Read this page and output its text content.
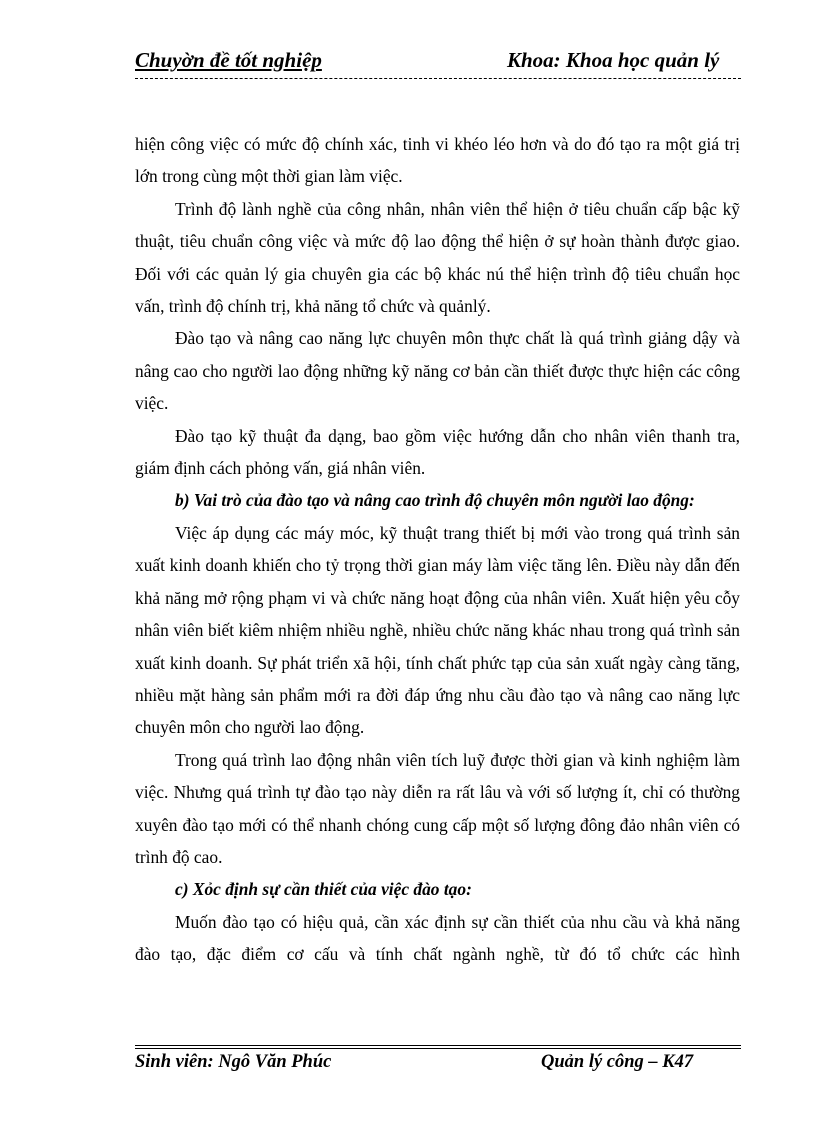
Chuyờn đề tốt nghiệp	Khoa: Khoa học quản lý

hiện công việc có mức độ chính xác, tinh vi khéo léo hơn và do đó tạo ra một giá trị lớn trong cùng một thời gian làm việc.

Trình độ lành nghề của công nhân, nhân viên thể hiện ở tiêu chuẩn cấp bậc kỹ thuật, tiêu chuẩn công việc và mức độ lao động thể hiện ở sự hoàn thành được giao. Đối với các quản lý gia chuyên gia các bộ khác nú thể hiện trình độ tiêu chuẩn học vấn, trình độ chính trị, khả năng tổ chức và quảnlý.

Đào tạo và nâng cao năng lực chuyên môn thực chất là quá trình giảng dậy và nâng cao cho người lao động những kỹ năng cơ bản cần thiết được thực hiện các công việc.

Đào tạo kỹ thuật đa dạng, bao gồm việc hướng dẫn cho nhân viên thanh tra, giám định cách phỏng vấn, giá nhân viên.

b) Vai trò của đào tạo và nâng cao trình độ chuyên môn người lao động:

Việc áp dụng các máy móc, kỹ thuật trang thiết bị mới vào trong quá trình sản xuất kinh doanh khiến cho tỷ trọng thời gian máy làm việc tăng lên. Điều này dẫn đến khả năng mở rộng phạm vi và chức năng hoạt động của nhân viên. Xuất hiện yêu cỗy nhân viên biết kiêm nhiệm nhiều nghề, nhiều chức năng khác nhau trong quá trình sản xuất kinh doanh. Sự phát triển xã hội, tính chất phức tạp của sản xuất ngày càng tăng, nhiều mặt hàng sản phẩm mới ra đời đáp ứng nhu cầu đào tạo và nâng cao năng lực chuyên môn cho người lao động.

Trong quá trình lao động nhân viên tích luỹ được thời gian và kinh nghiệm làm việc. Nhưng quá trình tự đào tạo này diễn ra rất lâu và với số lượng ít, chỉ có thường xuyên đào tạo mới có thể nhanh chóng cung cấp một số lượng đông đảo nhân viên có trình độ cao.

c) Xỏc định sự cần thiết của việc đào tạo:

Muốn đào tạo có hiệu quả, cần xác định sự cần thiết của nhu cầu và khả năng đào tạo, đặc điểm cơ cấu và tính chất ngành nghề, từ đó tổ chức các hình

Sinh viên: Ngô Văn Phúc	Quản lý công – K47
